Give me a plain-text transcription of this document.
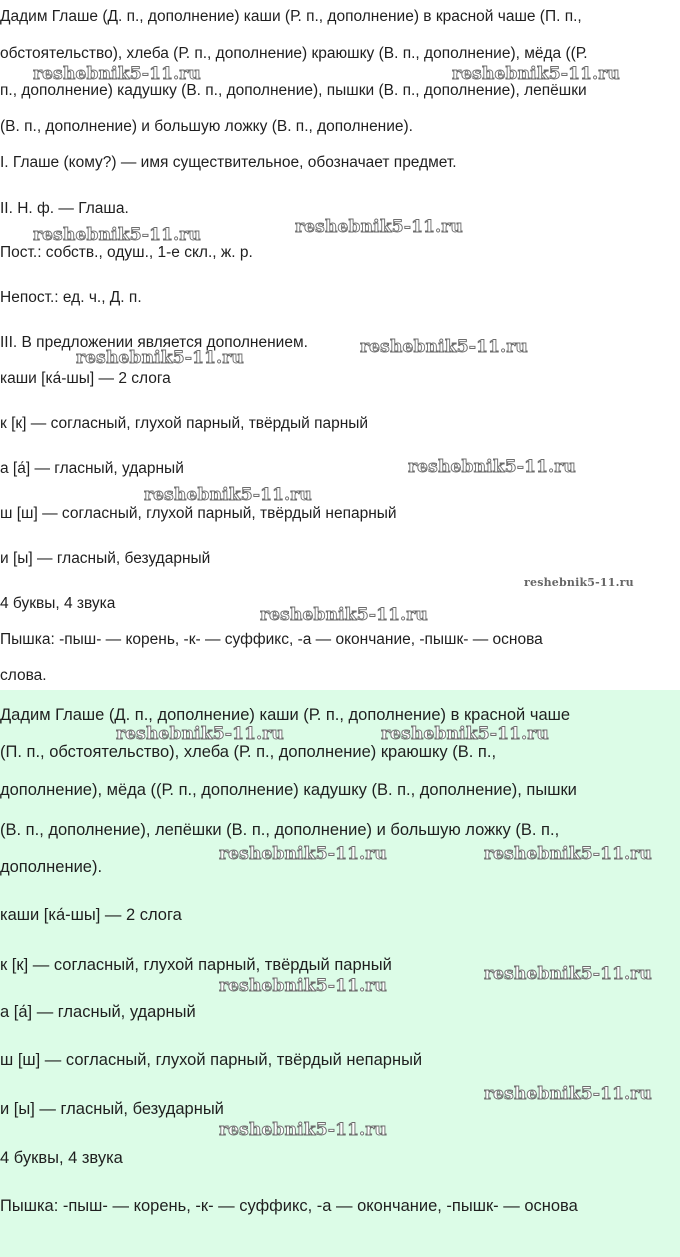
Дадим Глаше (Д. п., дополнение) каши (Р. п., дополнение) в красной чаше (П. п.,

обстоятельство), хлеба (Р. п., дополнение) краюшку (В. п., дополнение), мёда ((Р.

п., дополнение) кадушку (В. п., дополнение), пышки (В. п., дополнение), лепёшки

(В. п., дополнение) и большую ложку (В. п., дополнение).

I. Глаше (кому?) — имя существительное, обозначает предмет.

II. Н. ф. — Глаша.

Пост.: собств., одуш., 1-е скл., ж. р.

Непост.: ед. ч., Д. п.

III. В предложении является дополнением.

каши [ка́-шы] — 2 слога

к [к] — согласный, глухой парный, твёрдый парный

а [а́] — гласный, ударный

ш [ш] — согласный, глухой парный, твёрдый непарный

и [ы] — гласный, безударный

4 буквы, 4 звука

Пышка: -пыш- — корень, -к- — суффикс, -а — окончание, -пышк- — основа

слова.

reshebnik5-11.ru	reshebnik5-11.ru
reshebnik5-11.ru
reshebnik5-11.ru
reshebnik5-11.ru
reshebnik5-11.ru
reshebnik5-11.ru
reshebnik5-11.ru
reshebnik5-11.ru
reshebnik5-11.ru

Дадим Глаше (Д. п., дополнение) каши (Р. п., дополнение) в красной чаше

(П. п., обстоятельство), хлеба (Р. п., дополнение) краюшку (В. п.,

дополнение), мёда ((Р. п., дополнение) кадушку (В. п., дополнение), пышки

(В. п., дополнение), лепёшки (В. п., дополнение) и большую ложку (В. п.,

дополнение).

каши [ка́-шы] — 2 слога

к [к] — согласный, глухой парный, твёрдый парный

а [а́] — гласный, ударный

ш [ш] — согласный, глухой парный, твёрдый непарный

и [ы] — гласный, безударный

4 буквы, 4 звука

Пышка: -пыш- — корень, -к- — суффикс, -а — окончание, -пышк- — основа

reshebnik5-11.ru	reshebnik5-11.ru
reshebnik5-11.ru	reshebnik5-11.ru
reshebnik5-11.ru
reshebnik5-11.ru
reshebnik5-11.ru
reshebnik5-11.ru
